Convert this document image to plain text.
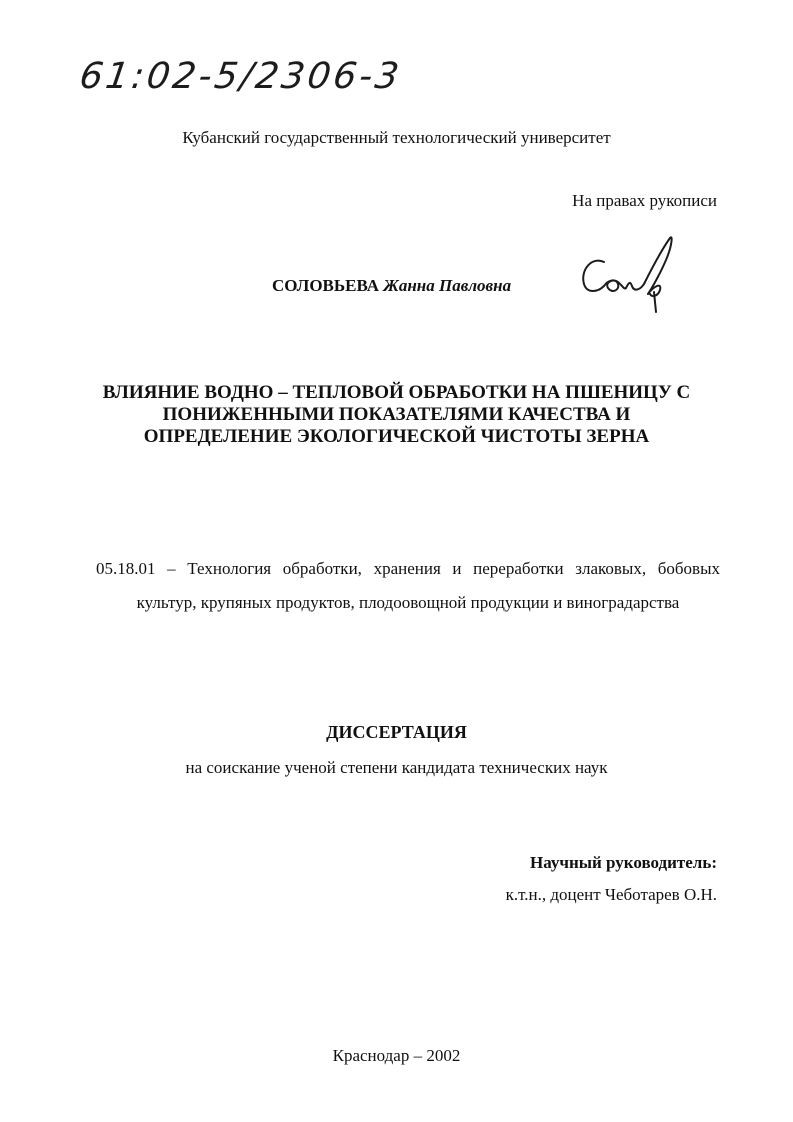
61:02-5/2306-3
Кубанский государственный технологический университет
На правах рукописи
СОЛОВЬЕВА Жанна Павловна
ВЛИЯНИЕ ВОДНО – ТЕПЛОВОЙ ОБРАБОТКИ НА ПШЕНИЦУ С
ПОНИЖЕННЫМИ ПОКАЗАТЕЛЯМИ КАЧЕСТВА И
ОПРЕДЕЛЕНИЕ ЭКОЛОГИЧЕСКОЙ ЧИСТОТЫ ЗЕРНА
05.18.01 – Технология обработки, хранения и переработки злаковых, бобовых
культур, крупяных продуктов, плодоовощной продукции и виноградарства
ДИССЕРТАЦИЯ
на соискание ученой степени кандидата технических наук
Научный руководитель:
к.т.н., доцент Чеботарев О.Н.
Краснодар – 2002
